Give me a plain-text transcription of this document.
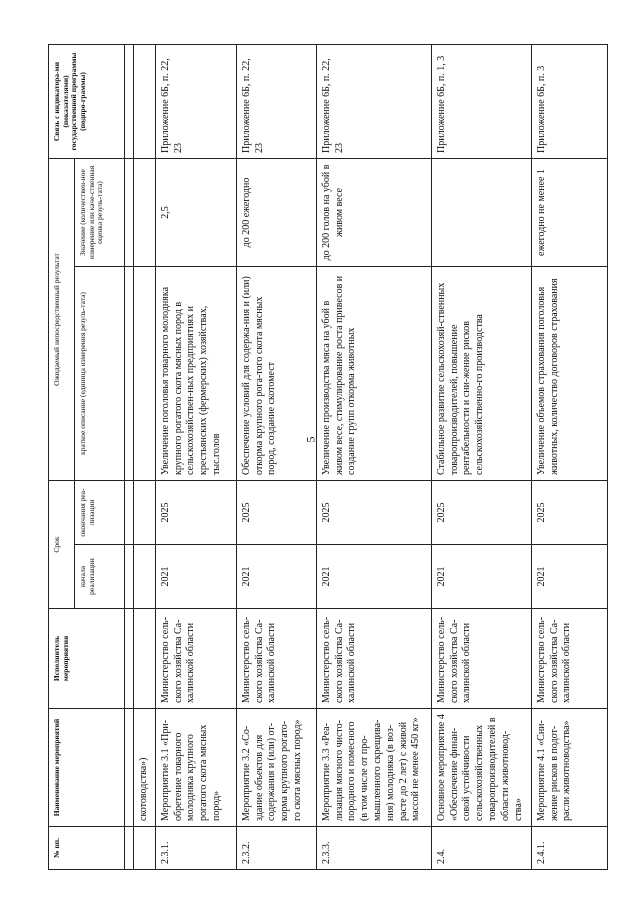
5
№ пп.	Наименование мероприятий	Исполнитель мероприятия	Срок		Ожидаемый непосредственный результат		Связь с индикатора-ми (показателями) государственной программы (подпро-граммы)
			начала реализации	окончания реа-лизации	краткое описание (единица измерения резуль-тата)	Значение (количествен-ное измерение или каче-ственная оценка резуль-тата)	

	скотоводства»)						
2.3.1.	Мероприятие 3.1 «При-обретение товарного молодняка крупного рогатого скота мясных пород»	Министерство сель-ского хозяйства Са-халинской области	2021	2025	Увеличение поголовья товарного молодняка крупного рогатого скота мясных пород в сельскохозяйствен-ных предприятиях и крестьянских (фермерских) хозяйствах, тыс.голов	2,5	Приложение 6Б, п. 22, 23
2.3.2.	Мероприятие 3.2 «Со-здание объектов для содержания и (или) от-корма крупного рогато-го скота мясных пород»	Министерство сель-ского хозяйства Са-халинской области	2021	2025	Обеспечение условий для содержа-ния и (или) откорма крупного рога-того скота мясных пород, создание скотомест	до 200 ежегодно	Приложение 6Б, п. 22, 23
2.3.3.	Мероприятие 3.3 «Реа-лизация мясного чисто-породного и помесного (в том числе от про-мышленного скрещива-ния) молодняка (в воз-расте до 2 лет) с живой массой не менее 450 кг»	Министерство сель-ского хозяйства Са-халинской области	2021	2025	Увеличение производства мяса на убой в живом весе, стимулирование роста привесов и создание групп откорма животных	до 200 голов на убой в живом весе	Приложение 6Б, п. 22, 23
2.4.	Основное мероприятие 4 «Обеспечение финан-совой устойчивости сельскохозяйственных товаропроизводителей в области животновод-ства»	Министерство сель-ского хозяйства Са-халинской области	2021	2025	Стабильное развитие сельскохозяй-ственных товаропроизводителей, повышение рентабельности и сни-жение рисков сельскохозяйственно-го производства		Приложение 6Б, п. 1, 3
2.4.1.	Мероприятие 4.1 «Сни-жение рисков в подот-расли животноводства»	Министерство сель-ского хозяйства Са-халинской области	2021	2025	Увеличение объемов страхования поголовья животных, количество договоров страхования	ежегодно не менее 1	Приложение 6Б, п. 3
